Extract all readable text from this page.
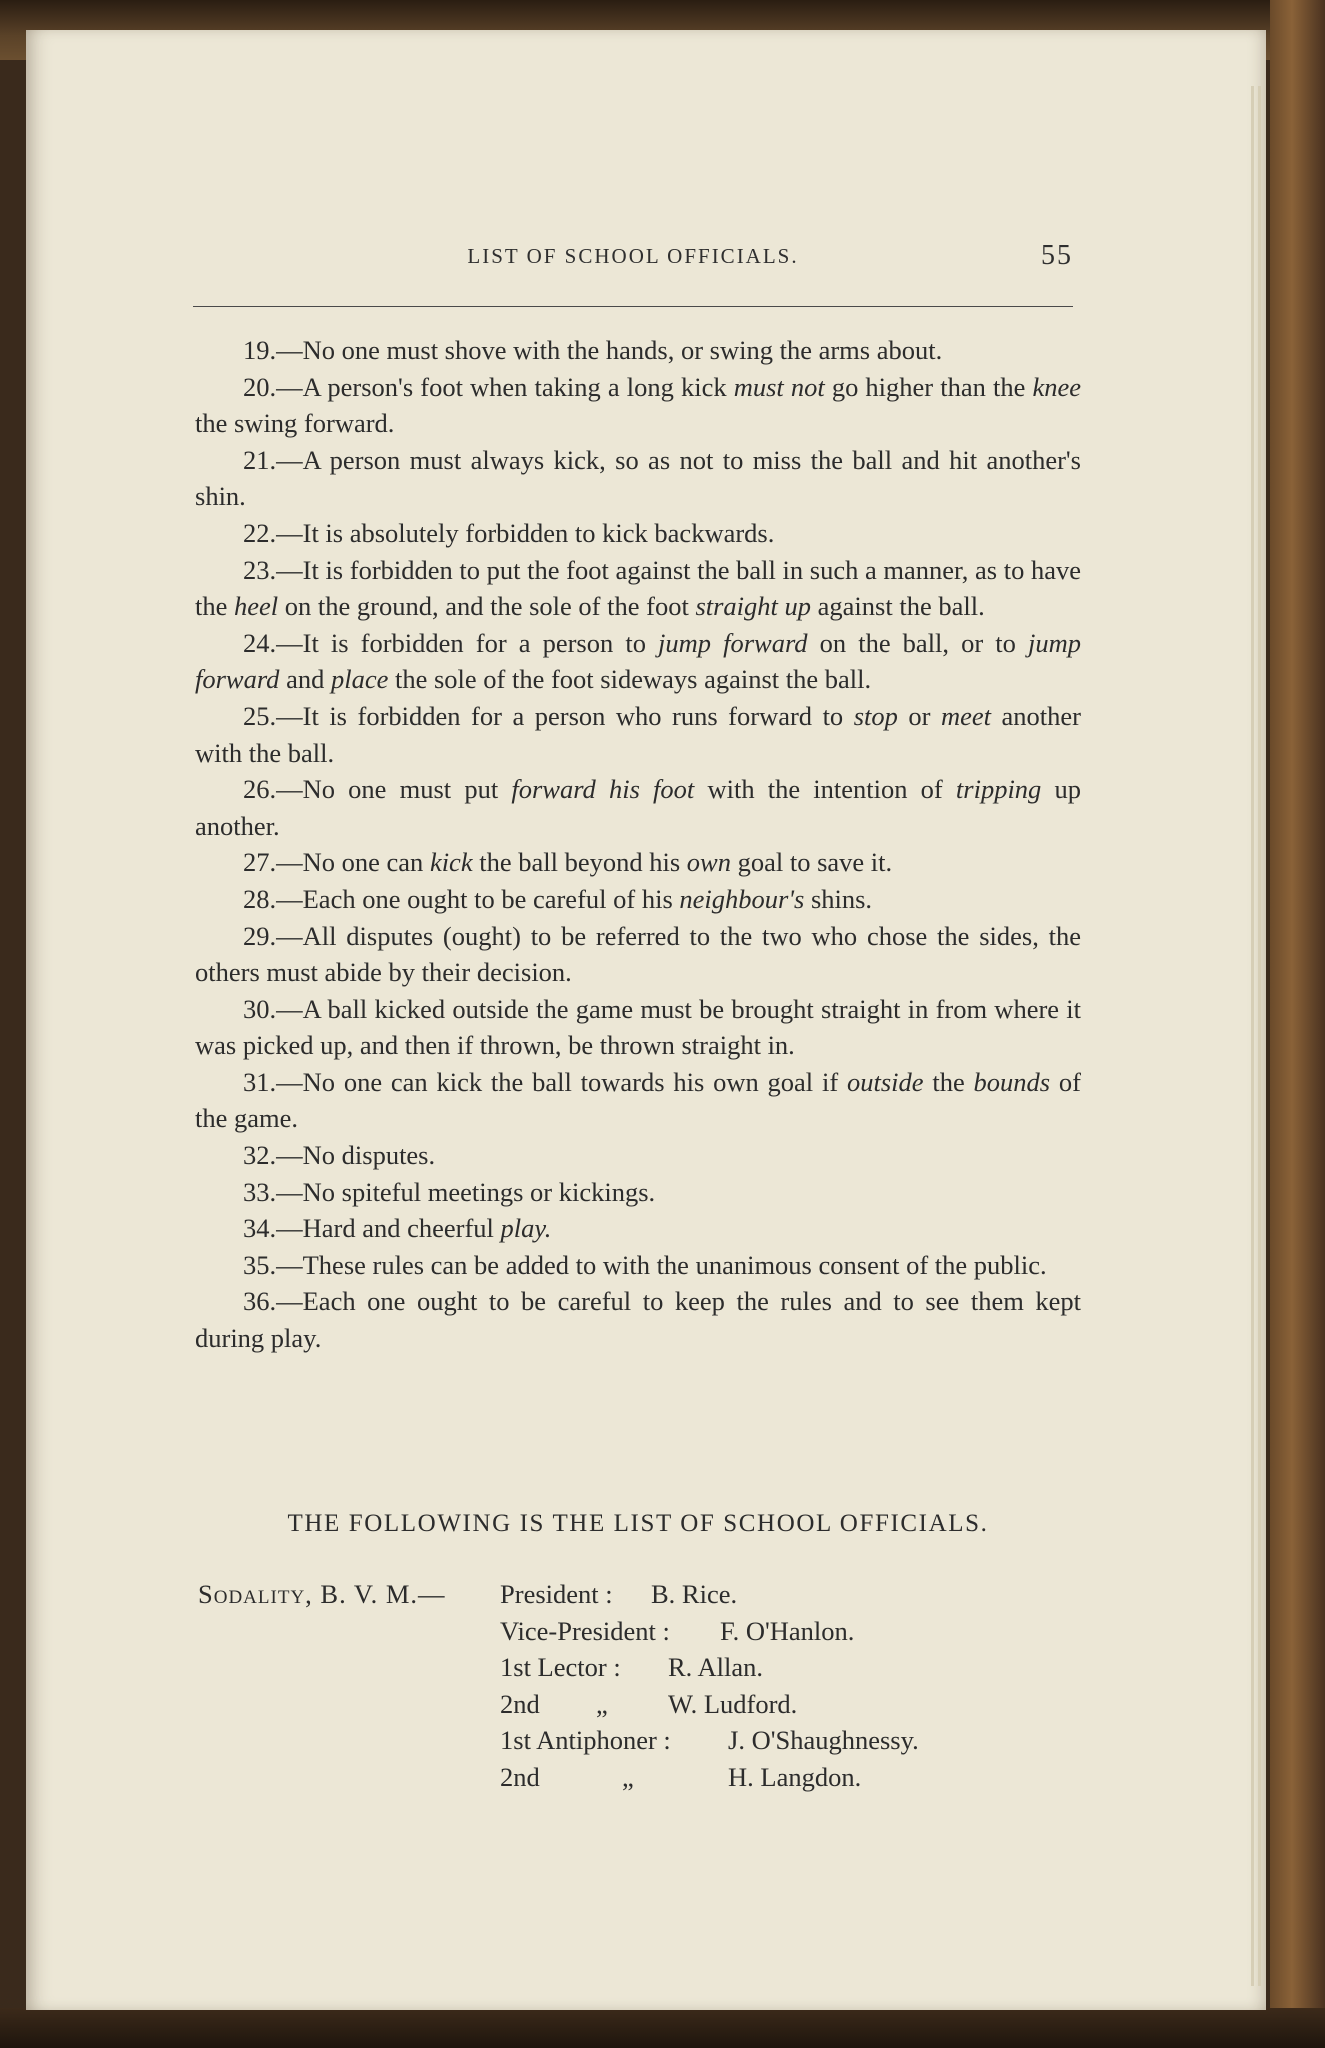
LIST OF SCHOOL OFFICIALS.	55

19.—No one must shove with the hands, or swing the arms about.

20.—A person's foot when taking a long kick must not go higher than the knee the swing forward.

21.—A person must always kick, so as not to miss the ball and hit another's shin.

22.—It is absolutely forbidden to kick backwards.

23.—It is forbidden to put the foot against the ball in such a manner, as to have the heel on the ground, and the sole of the foot straight up against the ball.

24.—It is forbidden for a person to jump forward on the ball, or to jump forward and place the sole of the foot sideways against the ball.

25.—It is forbidden for a person who runs forward to stop or meet another with the ball.

26.—No one must put forward his foot with the intention of tripping up another.

27.—No one can kick the ball beyond his own goal to save it.

28.—Each one ought to be careful of his neighbour's shins.

29.—All disputes (ought) to be referred to the two who chose the sides, the others must abide by their decision.

30.—A ball kicked outside the game must be brought straight in from where it was picked up, and then if thrown, be thrown straight in.

31.—No one can kick the ball towards his own goal if outside the bounds of the game.

32.—No disputes.

33.—No spiteful meetings or kickings.

34.—Hard and cheerful play.

35.—These rules can be added to with the unanimous consent of the public.

36.—Each one ought to be careful to keep the rules and to see them kept during play.

THE FOLLOWING IS THE LIST OF SCHOOL OFFICIALS.
Sodality, B. V. M.— President : B. Rice.
Vice-President : F. O'Hanlon.
1st Lector : R. Allan.
2nd „ W. Ludford.
1st Antiphoner : J. O'Shaughnessy.
2nd	„	H. Langdon.
